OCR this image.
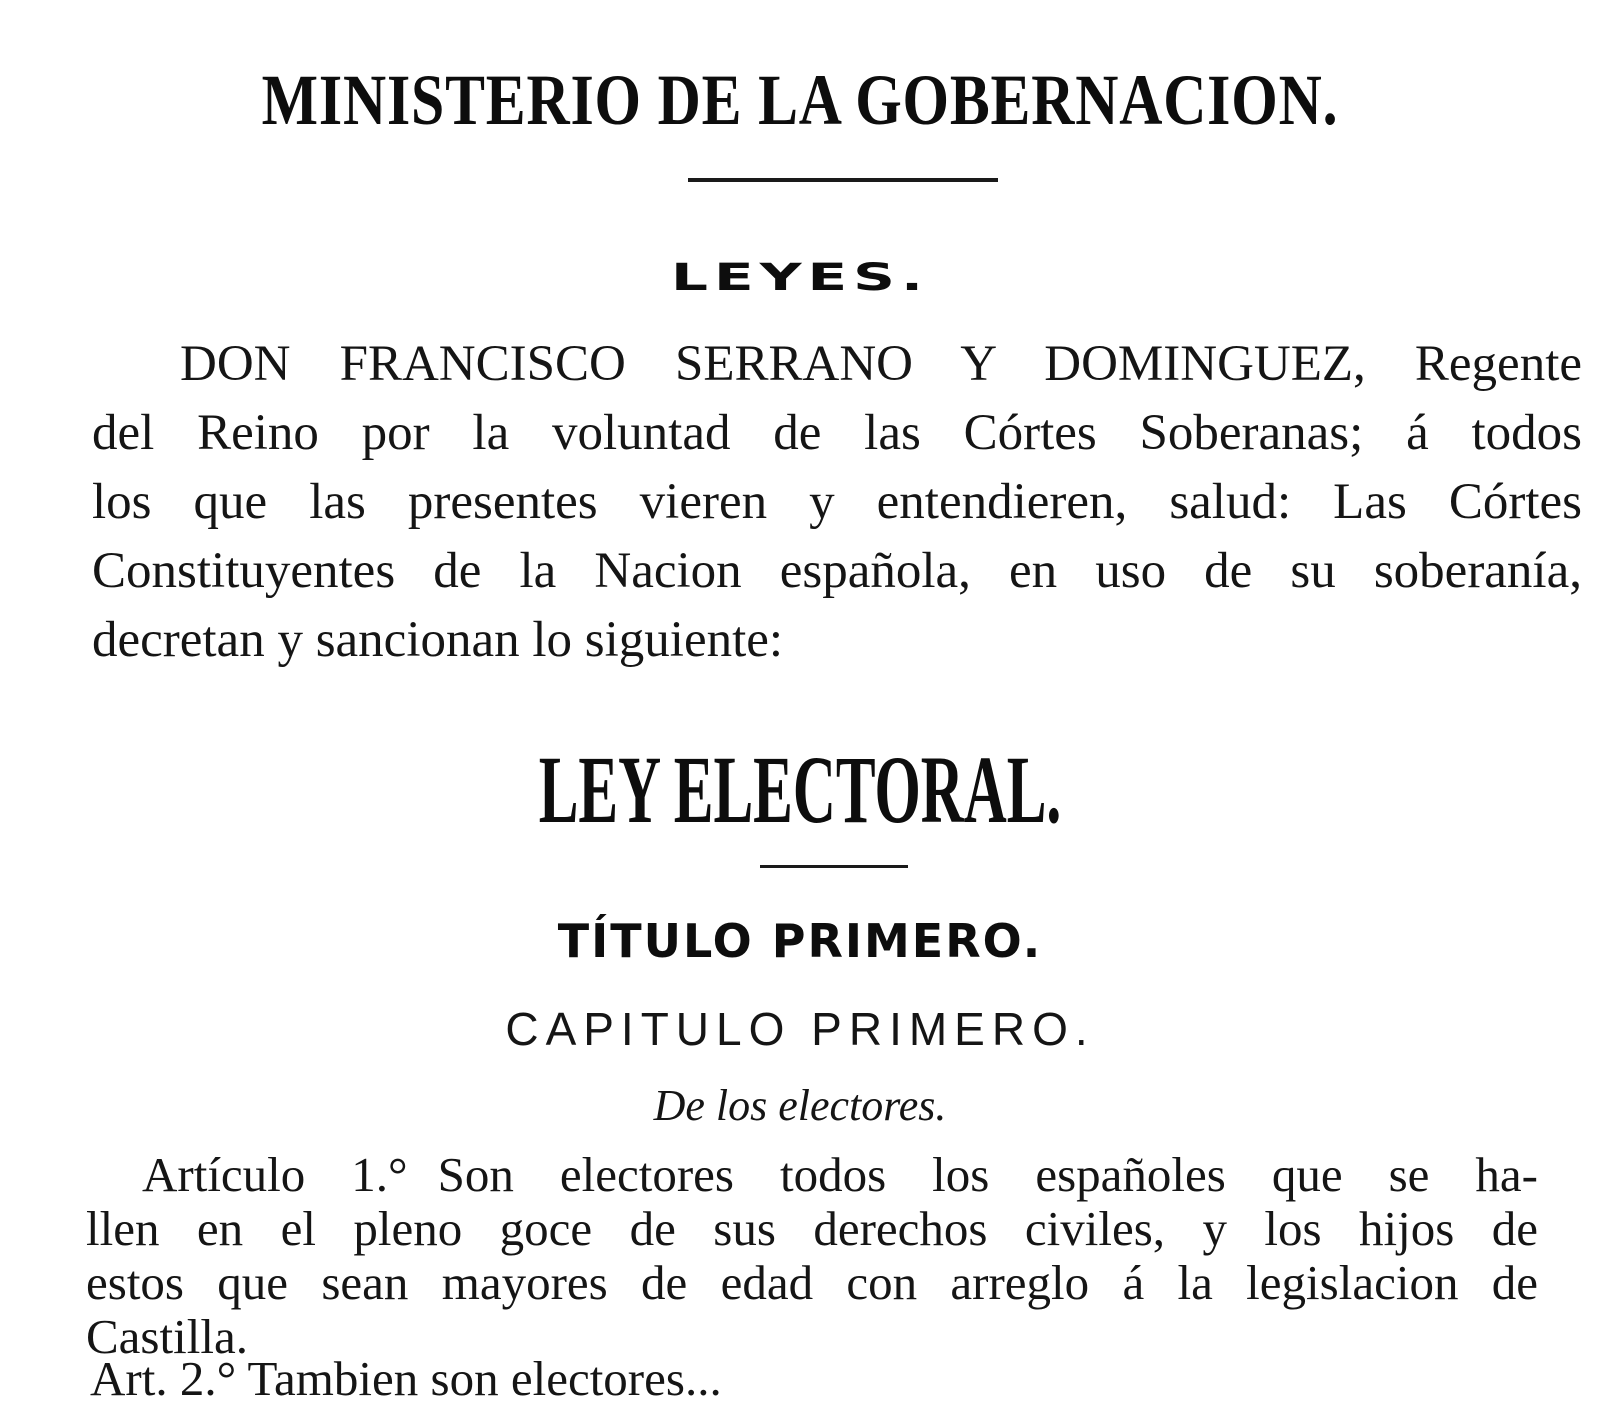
MINISTERIO DE LA GOBERNACION.
LEYES.
DON FRANCISCO SERRANO Y DOMINGUEZ, Regente
del Reino por la voluntad de las Córtes Soberanas; á todos
los que las presentes vieren y entendieren, salud: Las Córtes
Constituyentes de la Nacion española, en uso de su soberanía,
decretan y sancionan lo siguiente:
LEY ELECTORAL.
TÍTULO PRIMERO.
CAPITULO PRIMERO.
De los electores.
Artículo 1.° Son electores todos los españoles que se ha-
llen en el pleno goce de sus derechos civiles, y los hijos de
estos que sean mayores de edad con arreglo á la legislacion de
Castilla.
Art. 2.° Tambien son electores...
